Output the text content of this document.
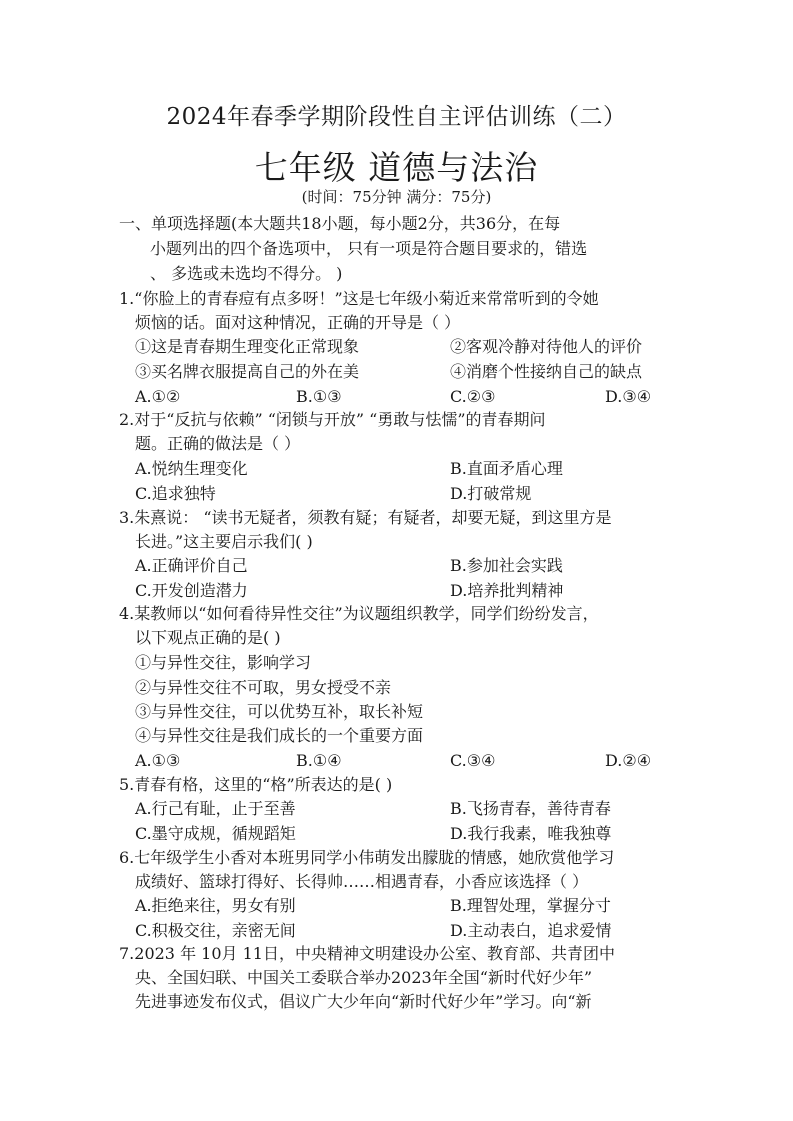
2024年春季学期阶段性自主评估训练（二）
七年级 道德与法治
(时间：75分钟 满分：75分)
一、单项选择题(本大题共18小题，每小题2分，共36分，在每
小题列出的四个备选项中， 只有一项是符合题目要求的，错选
、 多选或未选均不得分。 )
1.“你脸上的青春痘有点多呀！”这是七年级小菊近来常常听到的令她
烦恼的话。面对这种情况，正确的开导是（ ）
①这是青春期生理变化正常现象	②客观冷静对待他人的评价
③买名牌衣服提高自己的外在美	④消磨个性接纳自己的缺点
A.①②	B.①③	C.②③	D.③④
2.对于“反抗与依赖” “闭锁与开放” “勇敢与怯懦”的青春期问
题。正确的做法是（ ）
A.悦纳生理变化	B.直面矛盾心理
C.追求独特	D.打破常规
3.朱熹说： “读书无疑者，须教有疑；有疑者，却要无疑，到这里方是
长进。”这主要启示我们( )
A.正确评价自己	B.参加社会实践
C.开发创造潜力	D.培养批判精神
4.某教师以“如何看待异性交往”为议题组织教学，同学们纷纷发言，
以下观点正确的是( )
①与异性交往，影响学习
②与异性交往不可取，男女授受不亲
③与异性交往，可以优势互补，取长补短
④与异性交往是我们成长的一个重要方面
A.①③	B.①④	C.③④	D.②④
5.青春有格，这里的“格”所表达的是( )
A.行己有耻，止于至善	B.飞扬青春，善待青春
C.墨守成规，循规蹈矩	D.我行我素，唯我独尊
6.七年级学生小香对本班男同学小伟萌发出朦胧的情感，她欣赏他学习
成绩好、篮球打得好、长得帅……相遇青春，小香应该选择（ ）
A.拒绝来往，男女有别	B.理智处理，掌握分寸
C.积极交往，亲密无间	D.主动表白，追求爱情
7.2023 年 10月 11日，中央精神文明建设办公室、教育部、共青团中
央、全国妇联、中国关工委联合举办2023年全国“新时代好少年”
先进事迹发布仪式，倡议广大少年向“新时代好少年”学习。向“新
